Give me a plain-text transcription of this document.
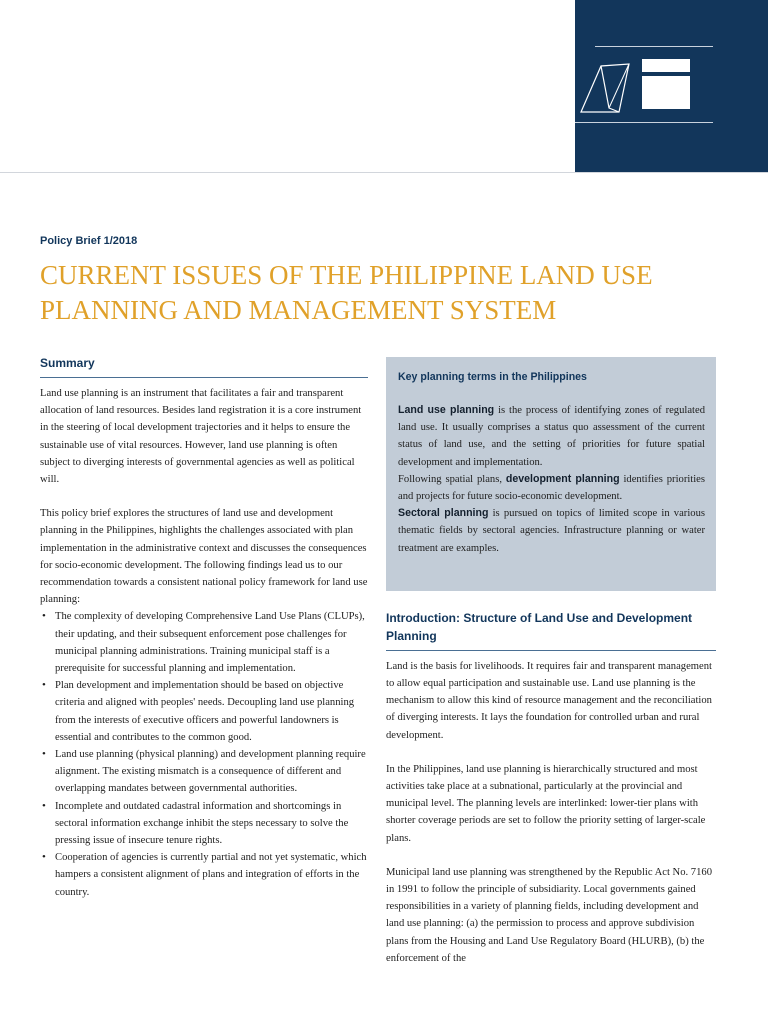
Policy Brief 1/2018
CURRENT ISSUES OF THE PHILIPPINE LAND USE PLANNING AND MANAGEMENT SYSTEM
Summary

Land use planning is an instrument that facilitates a fair and transparent allocation of land resources. Besides land registration it is a core instrument in the steering of local development trajectories and it helps to ensure the sustainable use of vital resources. However, land use planning is often subject to diverging interests of governmental agencies as well as political will.

This policy brief explores the structures of land use and development planning in the Philippines, highlights the challenges associated with plan implementation in the administrative context and discusses the consequences for socio-economic development. The following findings lead us to our recommendation towards a consistent national policy framework for land use planning:

• The complexity of developing Comprehensive Land Use Plans (CLUPs), their updating, and their subsequent enforcement pose challenges for municipal planning administrations. Training municipal staff is a prerequisite for successful planning and implementation.
• Plan development and implementation should be based on objective criteria and aligned with peoples' needs. Decoupling land use planning from the interests of executive officers and powerful landowners is essential and contributes to the common good.
• Land use planning (physical planning) and development planning require alignment. The existing mismatch is a consequence of different and overlapping mandates between governmental authorities.
• Incomplete and outdated cadastral information and shortcomings in sectoral information exchange inhibit the steps necessary to solve the pressing issue of insecure tenure rights.
• Cooperation of agencies is currently partial and not yet systematic, which hampers a consistent alignment of plans and integration of efforts in the country.
Key planning terms in the Philippines

Land use planning is the process of identifying zones of regulated land use. It usually comprises a status quo assessment of the current status of land use, and the setting of priorities for future spatial development and implementation.

Following spatial plans, development planning identifies priorities and projects for future socio-economic development.

Sectoral planning is pursued on topics of limited scope in various thematic fields by sectoral agencies. Infrastructure planning or water treatment are examples.

Introduction: Structure of Land Use and Development Planning

Land is the basis for livelihoods. It requires fair and transparent management to allow equal participation and sustainable use. Land use planning is the mechanism to allow this kind of resource management and the reconciliation of diverging interests. It lays the foundation for controlled urban and rural development.

In the Philippines, land use planning is hierarchically structured and most activities take place at a subnational, particularly at the provincial and municipal level. The planning levels are interlinked: lower-tier plans with shorter coverage periods are set to follow the priority setting of larger-scale plans.

Municipal land use planning was strengthened by the Republic Act No. 7160 in 1991 to follow the principle of subsidiarity. Local governments gained responsibilities in a variety of planning fields, including development and land use planning: (a) the permission to process and approve subdivision plans from the Housing and Land Use Regulatory Board (HLURB), (b) the enforcement of the
